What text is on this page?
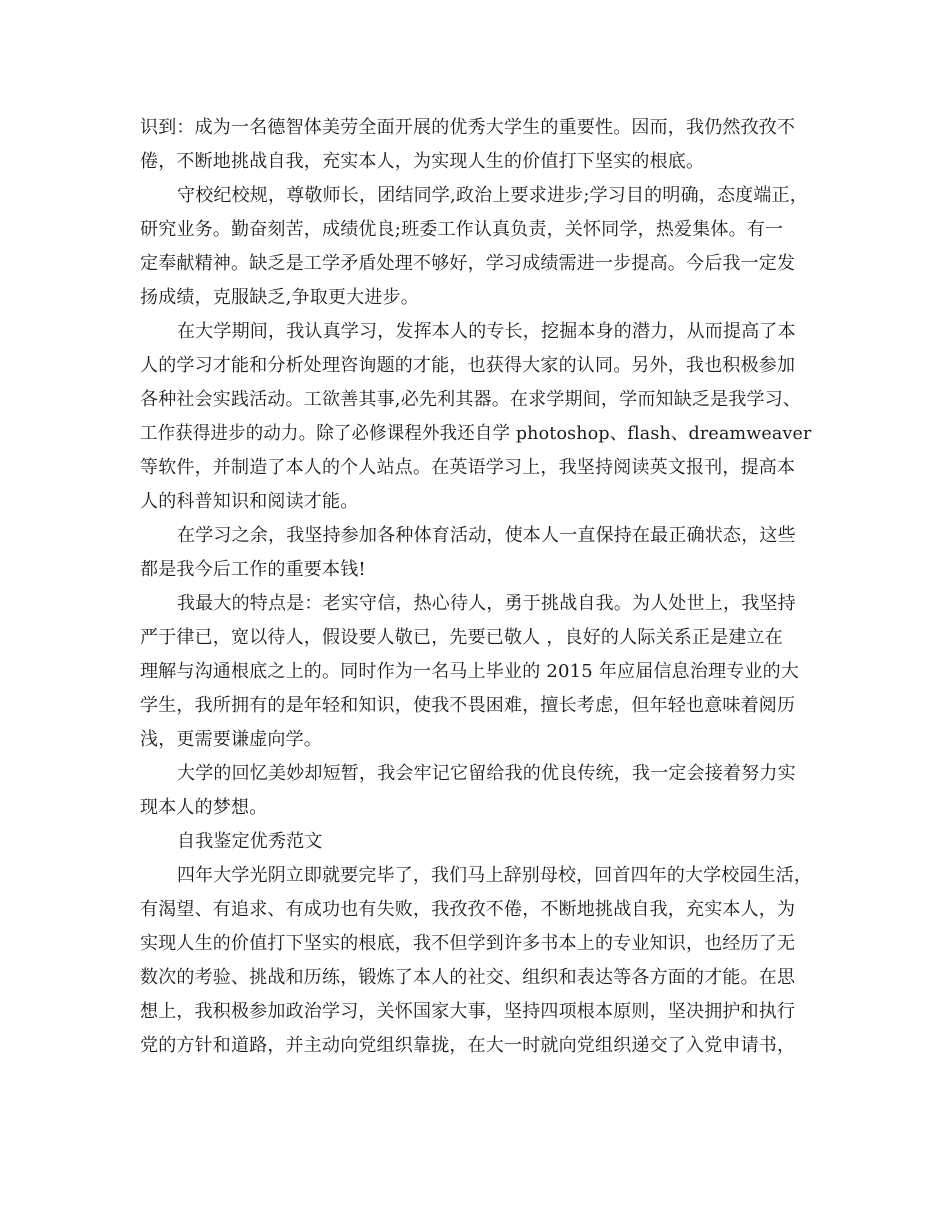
识到：成为一名德智体美劳全面开展的优秀大学生的重要性。因而，我仍然孜孜不
倦，不断地挑战自我，充实本人，为实现人生的价值打下坚实的根底。
守校纪校规，尊敬师长，团结同学,政治上要求进步;学习目的明确，态度端正，
研究业务。勤奋刻苦，成绩优良;班委工作认真负责，关怀同学，热爱集体。有一
定奉献精神。缺乏是工学矛盾处理不够好，学习成绩需进一步提高。今后我一定发
扬成绩，克服缺乏,争取更大进步。
在大学期间，我认真学习，发挥本人的专长，挖掘本身的潜力，从而提高了本
人的学习才能和分析处理咨询题的才能，也获得大家的认同。另外，我也积极参加
各种社会实践活动。工欲善其事,必先利其器。在求学期间，学而知缺乏是我学习、
工作获得进步的动力。除了必修课程外我还自学 photoshop、flash、dreamweaver
等软件，并制造了本人的个人站点。在英语学习上，我坚持阅读英文报刊，提高本
人的科普知识和阅读才能。
在学习之余，我坚持参加各种体育活动，使本人一直保持在最正确状态，这些
都是我今后工作的重要本钱!
我最大的特点是：老实守信，热心待人，勇于挑战自我。为人处世上，我坚持
严于律已，宽以待人，假设要人敬已，先要已敬人 ，良好的人际关系正是建立在
理解与沟通根底之上的。同时作为一名马上毕业的 2015 年应届信息治理专业的大
学生，我所拥有的是年轻和知识，使我不畏困难，擅长考虑，但年轻也意味着阅历
浅，更需要谦虚向学。
大学的回忆美妙却短暂，我会牢记它留给我的优良传统，我一定会接着努力实
现本人的梦想。
自我鉴定优秀范文
四年大学光阴立即就要完毕了，我们马上辞别母校，回首四年的大学校园生活，
有渴望、有追求、有成功也有失败，我孜孜不倦，不断地挑战自我，充实本人，为
实现人生的价值打下坚实的根底，我不但学到许多书本上的专业知识，也经历了无
数次的考验、挑战和历练，锻炼了本人的社交、组织和表达等各方面的才能。在思
想上，我积极参加政治学习，关怀国家大事，坚持四项根本原则，坚决拥护和执行
党的方针和道路，并主动向党组织靠拢，在大一时就向党组织递交了入党申请书，
